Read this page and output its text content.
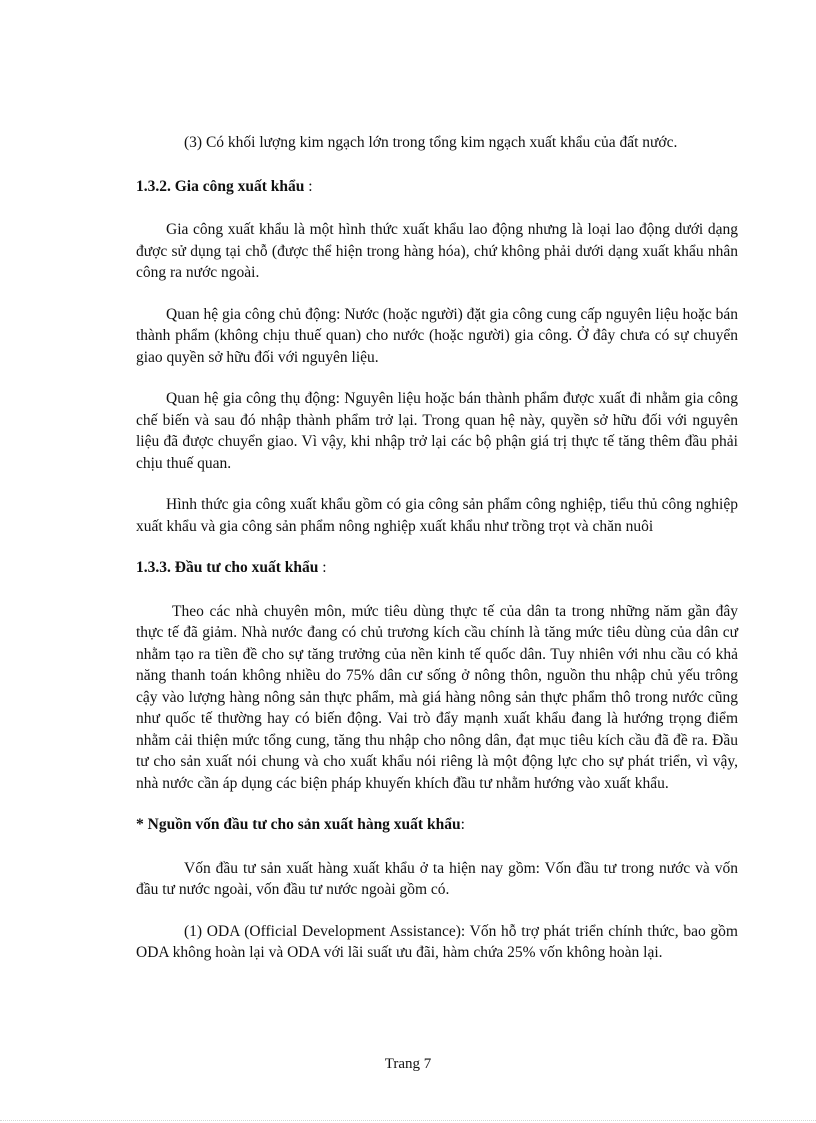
(3) Có khối lượng kim ngạch lớn trong tổng kim ngạch xuất khẩu của đất nước.

1.3.2. Gia công xuất khẩu :

Gia công xuất khẩu là một hình thức xuất khẩu lao động nhưng là loại lao động dưới dạng được sử dụng tại chỗ (được thể hiện trong hàng hóa), chứ không phải dưới dạng xuất khẩu nhân công ra nước ngoài.

Quan hệ gia công chủ động: Nước (hoặc người) đặt gia công cung cấp nguyên liệu hoặc bán thành phẩm (không chịu thuế quan) cho nước (hoặc người) gia công. Ở đây chưa có sự chuyển giao quyền sở hữu đối với nguyên liệu.

Quan hệ gia công thụ động: Nguyên liệu hoặc bán thành phẩm được xuất đi nhằm gia công chế biến và sau đó nhập thành phẩm trở lại. Trong quan hệ này, quyền sở hữu đối với nguyên liệu đã được chuyển giao. Vì vậy, khi nhập trở lại các bộ phận giá trị thực tế tăng thêm đầu phải chịu thuế quan.

Hình thức gia công xuất khẩu gồm có gia công sản phẩm công nghiệp, tiểu thủ công nghiệp xuất khẩu và gia công sản phẩm nông nghiệp xuất khẩu như trồng trọt và chăn nuôi

1.3.3. Đầu tư cho xuất khẩu :

Theo các nhà chuyên môn, mức tiêu dùng thực tế của dân ta trong những năm gần đây thực tế đã giảm. Nhà nước đang có chủ trương kích cầu chính là tăng mức tiêu dùng của dân cư nhằm tạo ra tiền đề cho sự tăng trưởng của nền kinh tế quốc dân. Tuy nhiên với nhu cầu có khả năng thanh toán không nhiều do 75% dân cư sống ở nông thôn, nguồn thu nhập chủ yếu trông cậy vào lượng hàng nông sản thực phẩm, mà giá hàng nông sản thực phẩm thô trong nước cũng như quốc tế thường hay có biến động. Vai trò đẩy mạnh xuất khẩu đang là hướng trọng điểm nhằm cải thiện mức tổng cung, tăng thu nhập cho nông dân, đạt mục tiêu kích cầu đã đề ra. Đầu tư cho sản xuất nói chung và cho xuất khẩu nói riêng là một động lực cho sự phát triển, vì vậy, nhà nước cần áp dụng các biện pháp khuyến khích đầu tư nhằm hướng vào xuất khẩu.

* Nguồn vốn đầu tư cho sản xuất hàng xuất khẩu:

Vốn đầu tư sản xuất hàng xuất khẩu ở ta hiện nay gồm: Vốn đầu tư trong nước và vốn đầu tư nước ngoài, vốn đầu tư nước ngoài gồm có.

(1) ODA (Official Development Assistance): Vốn hỗ trợ phát triển chính thức, bao gồm ODA không hoàn lại và ODA với lãi suất ưu đãi, hàm chứa 25% vốn không hoàn lại.

Trang 7
